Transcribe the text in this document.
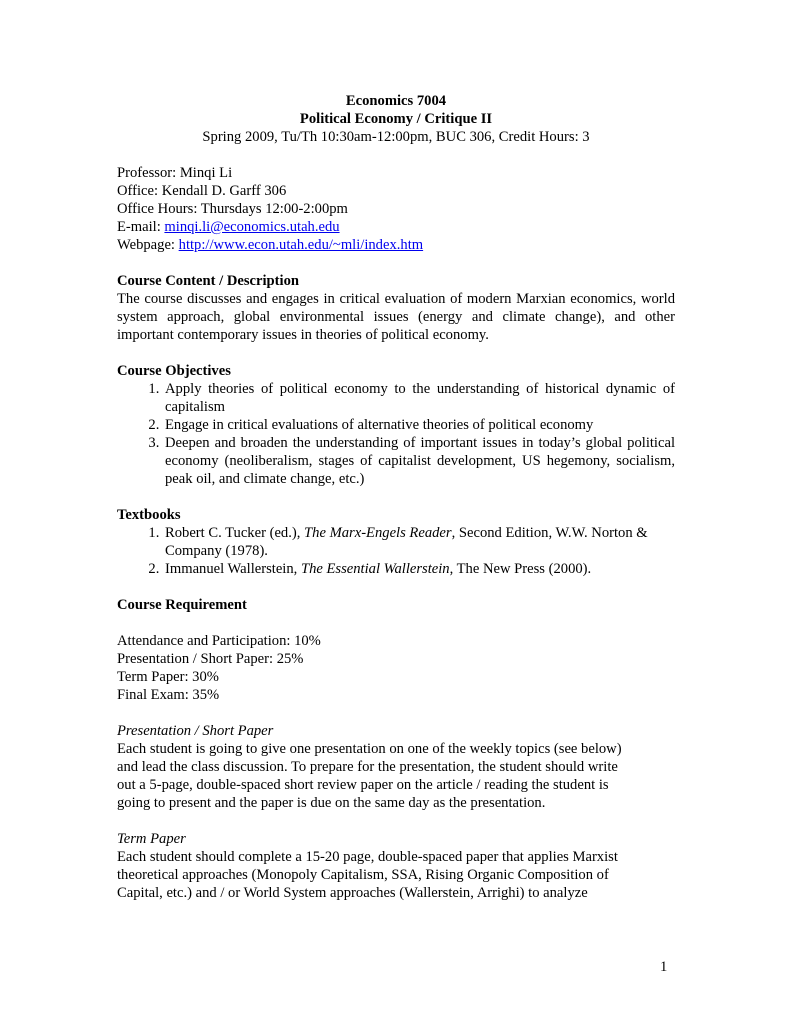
Economics 7004
Political Economy / Critique II
Spring 2009, Tu/Th 10:30am-12:00pm, BUC 306, Credit Hours: 3
Professor: Minqi Li
Office: Kendall D. Garff 306
Office Hours: Thursdays 12:00-2:00pm
E-mail: minqi.li@economics.utah.edu
Webpage: http://www.econ.utah.edu/~mli/index.htm
Course Content / Description
The course discusses and engages in critical evaluation of modern Marxian economics, world system approach, global environmental issues (energy and climate change), and other important contemporary issues in theories of political economy.
Course Objectives
1. Apply theories of political economy to the understanding of historical dynamic of capitalism
2. Engage in critical evaluations of alternative theories of political economy
3. Deepen and broaden the understanding of important issues in today’s global political economy (neoliberalism, stages of capitalist development, US hegemony, socialism, peak oil, and climate change, etc.)
Textbooks
1. Robert C. Tucker (ed.), The Marx-Engels Reader, Second Edition, W.W. Norton & Company (1978).
2. Immanuel Wallerstein, The Essential Wallerstein, The New Press (2000).
Course Requirement
Attendance and Participation: 10%
Presentation / Short Paper: 25%
Term Paper: 30%
Final Exam: 35%
Presentation / Short Paper
Each student is going to give one presentation on one of the weekly topics (see below)
and lead the class discussion. To prepare for the presentation, the student should write
out a 5-page, double-spaced short review paper on the article / reading the student is
going to present and the paper is due on the same day as the presentation.
Term Paper
Each student should complete a 15-20 page, double-spaced paper that applies Marxist
theoretical approaches (Monopoly Capitalism, SSA, Rising Organic Composition of
Capital, etc.) and / or World System approaches (Wallerstein, Arrighi) to analyze
1
